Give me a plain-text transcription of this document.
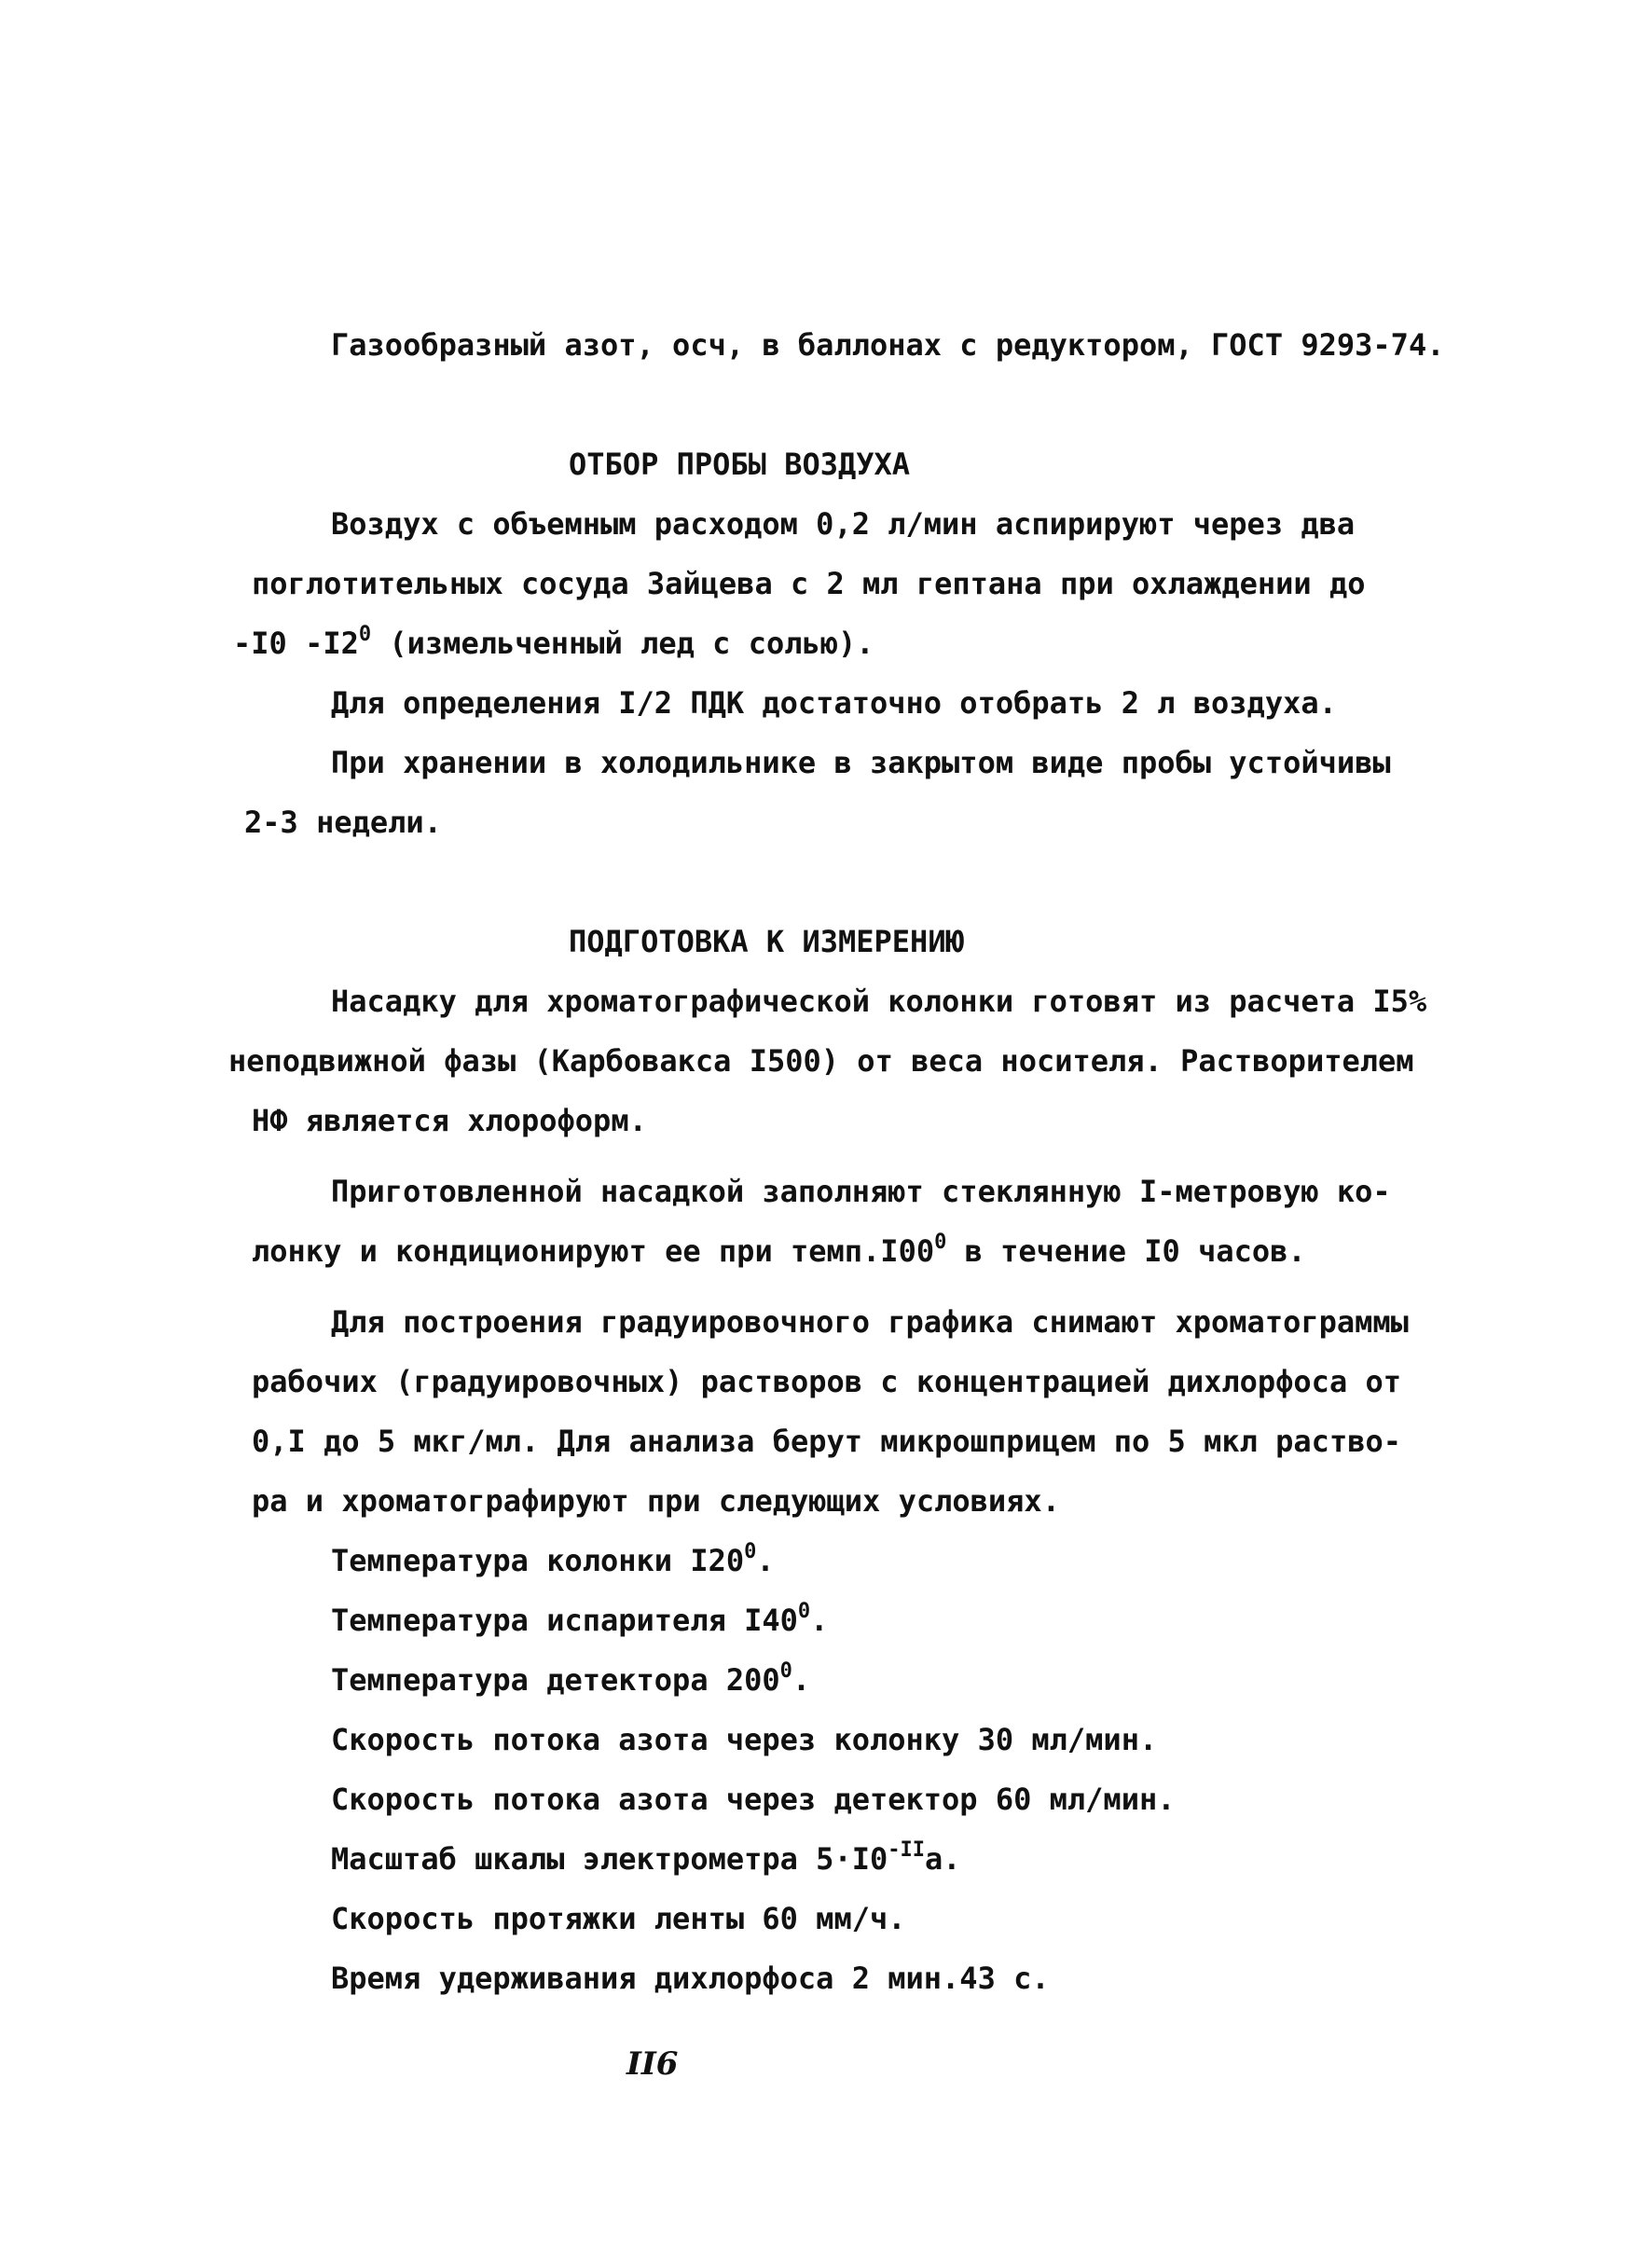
Газообразный азот, осч, в баллонах с редуктором, ГОСТ 9293-74.
ОТБОР ПРОБЫ ВОЗДУХА
Воздух с объемным расходом 0,2 л/мин аспирируют через два
поглотительных сосуда Зайцева с 2 мл гептана при охлаждении до
-I0 $-I2^0$ (измельченный лед с солью).
Для определения I/2 ПДК достаточно отобрать 2 л воздуха.
При хранении в холодильнике в закрытом виде пробы устойчивы
2-3 недели.
ПОДГОТОВКА К ИЗМЕРЕНИЮ
Насадку для хроматографической колонки готовят из расчета I5%
неподвижной фазы (Карбовакса I500) от веса носителя. Растворителем
НФ является хлороформ.
Приготовленной насадкой заполняют стеклянную I-метровую ко-
лонку и кондиционируют ее при $темп.I00^0$ в течение I0 часов.
Для построения градуировочного графика снимают хроматограммы
рабочих (градуировочных) растворов с концентрацией дихлорфоса от
0,I до 5 мкг/мл. Для анализа берут микрошприцем по 5 мкл раство-
ра и хроматографируют при следующих условиях.
Температура колонки $I20^0$.
Температура испарителя $I40^0$.
Температура детектора $200^0$.
Скорость потока азота через колонку 30 мл/мин.
Скорость потока азота через детектор 60 мл/мин.
Масштаб шкалы электрометра $5\cdot I0^{-II}а$.
Скорость протяжки ленты 60 мм/ч.
Время удерживания дихлорфоса 2 мин.43 с.
II6
